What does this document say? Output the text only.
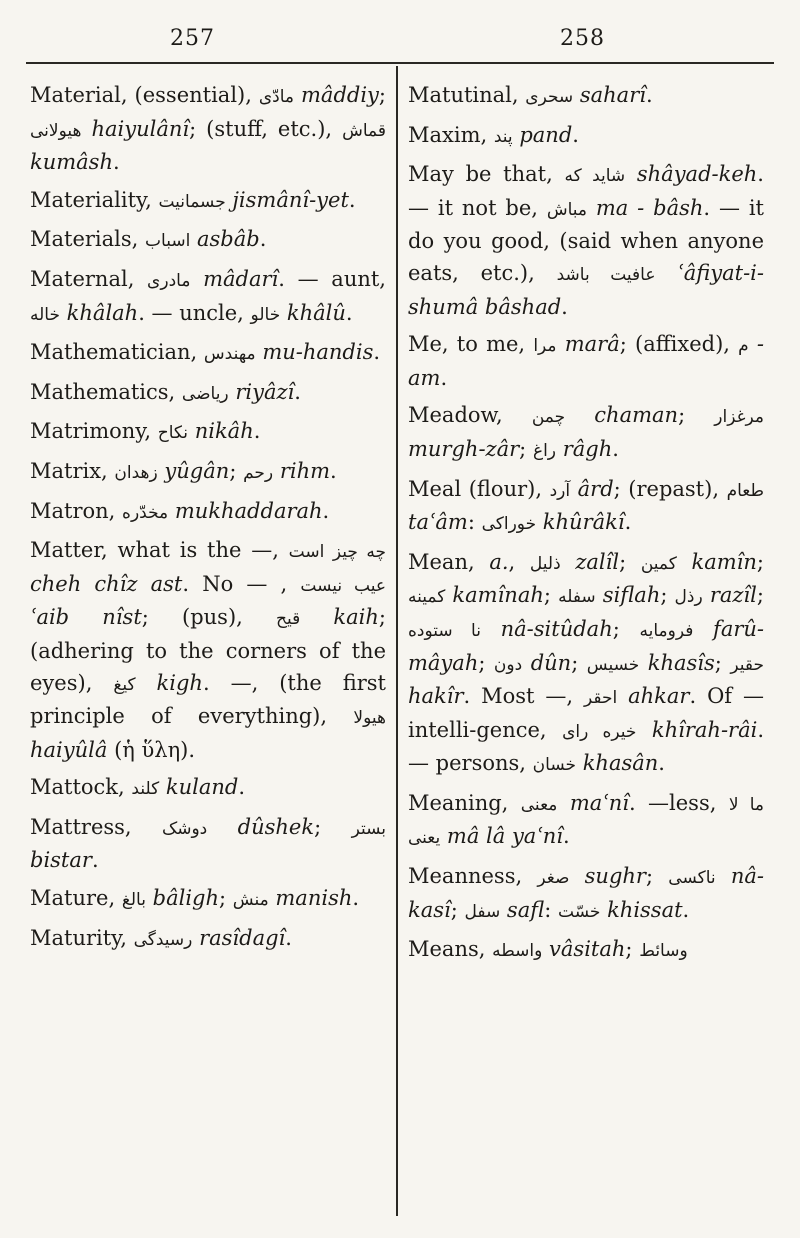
257	258

Material, (essential), مادّی mâddiy; هیولانی haiyulânî; (stuff, etc.), قماش kumâsh.

Materiality, جسمانیت jismânî-yet.

Materials, اسباب asbâb.

Maternal, مادری mâdarî. — aunt, خاله khâlah. — uncle, خالو khâlû.

Mathematician, مهندس mu-handis.

Mathematics, ریاضی riyâzî.

Matrimony, نکاح nikâh.

Matrix, زهدان yûgân; رحم rihm.

Matron, مخدّره mukhaddarah.

Matter, what is the —, چه چیز است cheh chîz ast. No — , عیب نیست ʿaib nîst; (pus), قیح kaih; (adhering to the corners of the eyes), کیغ kigh. —, (the first principle of everything), هیولا haiyûlâ (ἡ ὕλη).

Mattock, کلند kuland.

Mattress, دوشک dûshek; بستر bistar.

Mature, بالغ bâligh; منش manish.

Maturity, رسیدگی rasîdagî.

Matutinal, سحری saharî.

Maxim, پند pand.

May be that, شاید که shâyad-keh. — it not be, مباش ma - bâsh. — it do you good, (said when anyone eats, etc.), عافیت باشد ʿâfiyat-i-shumâ bâshad.

Me, to me, مرا marâ; (affixed), م -am.

Meadow, چمن chaman; مرغزار murgh-zâr; راغ râgh.

Meal (flour), آرد ârd; (repast), طعام taʿâm: خوراکی khûrâkî.

Mean, a., ذلیل zalîl; کمین kamîn; کمینه kamînah; سفله siflah; رذل razîl; نا ستوده nâ-sitûdah; فرومایه farû-mâyah; دون dûn; خسیس khasîs; حقیر hakîr. Most —, احقر ahkar. Of — intelli-gence, خیره رای khîrah-râi. — persons, خسان khasân.

Meaning, معنی maʿnî. —less, ما لا یعنی mâ lâ yaʿnî.

Meanness, صغر sughr; ناکسی nâ-kasî; سفل safl: خسّت khissat.

Means, واسطه vâsitah; وسائط
